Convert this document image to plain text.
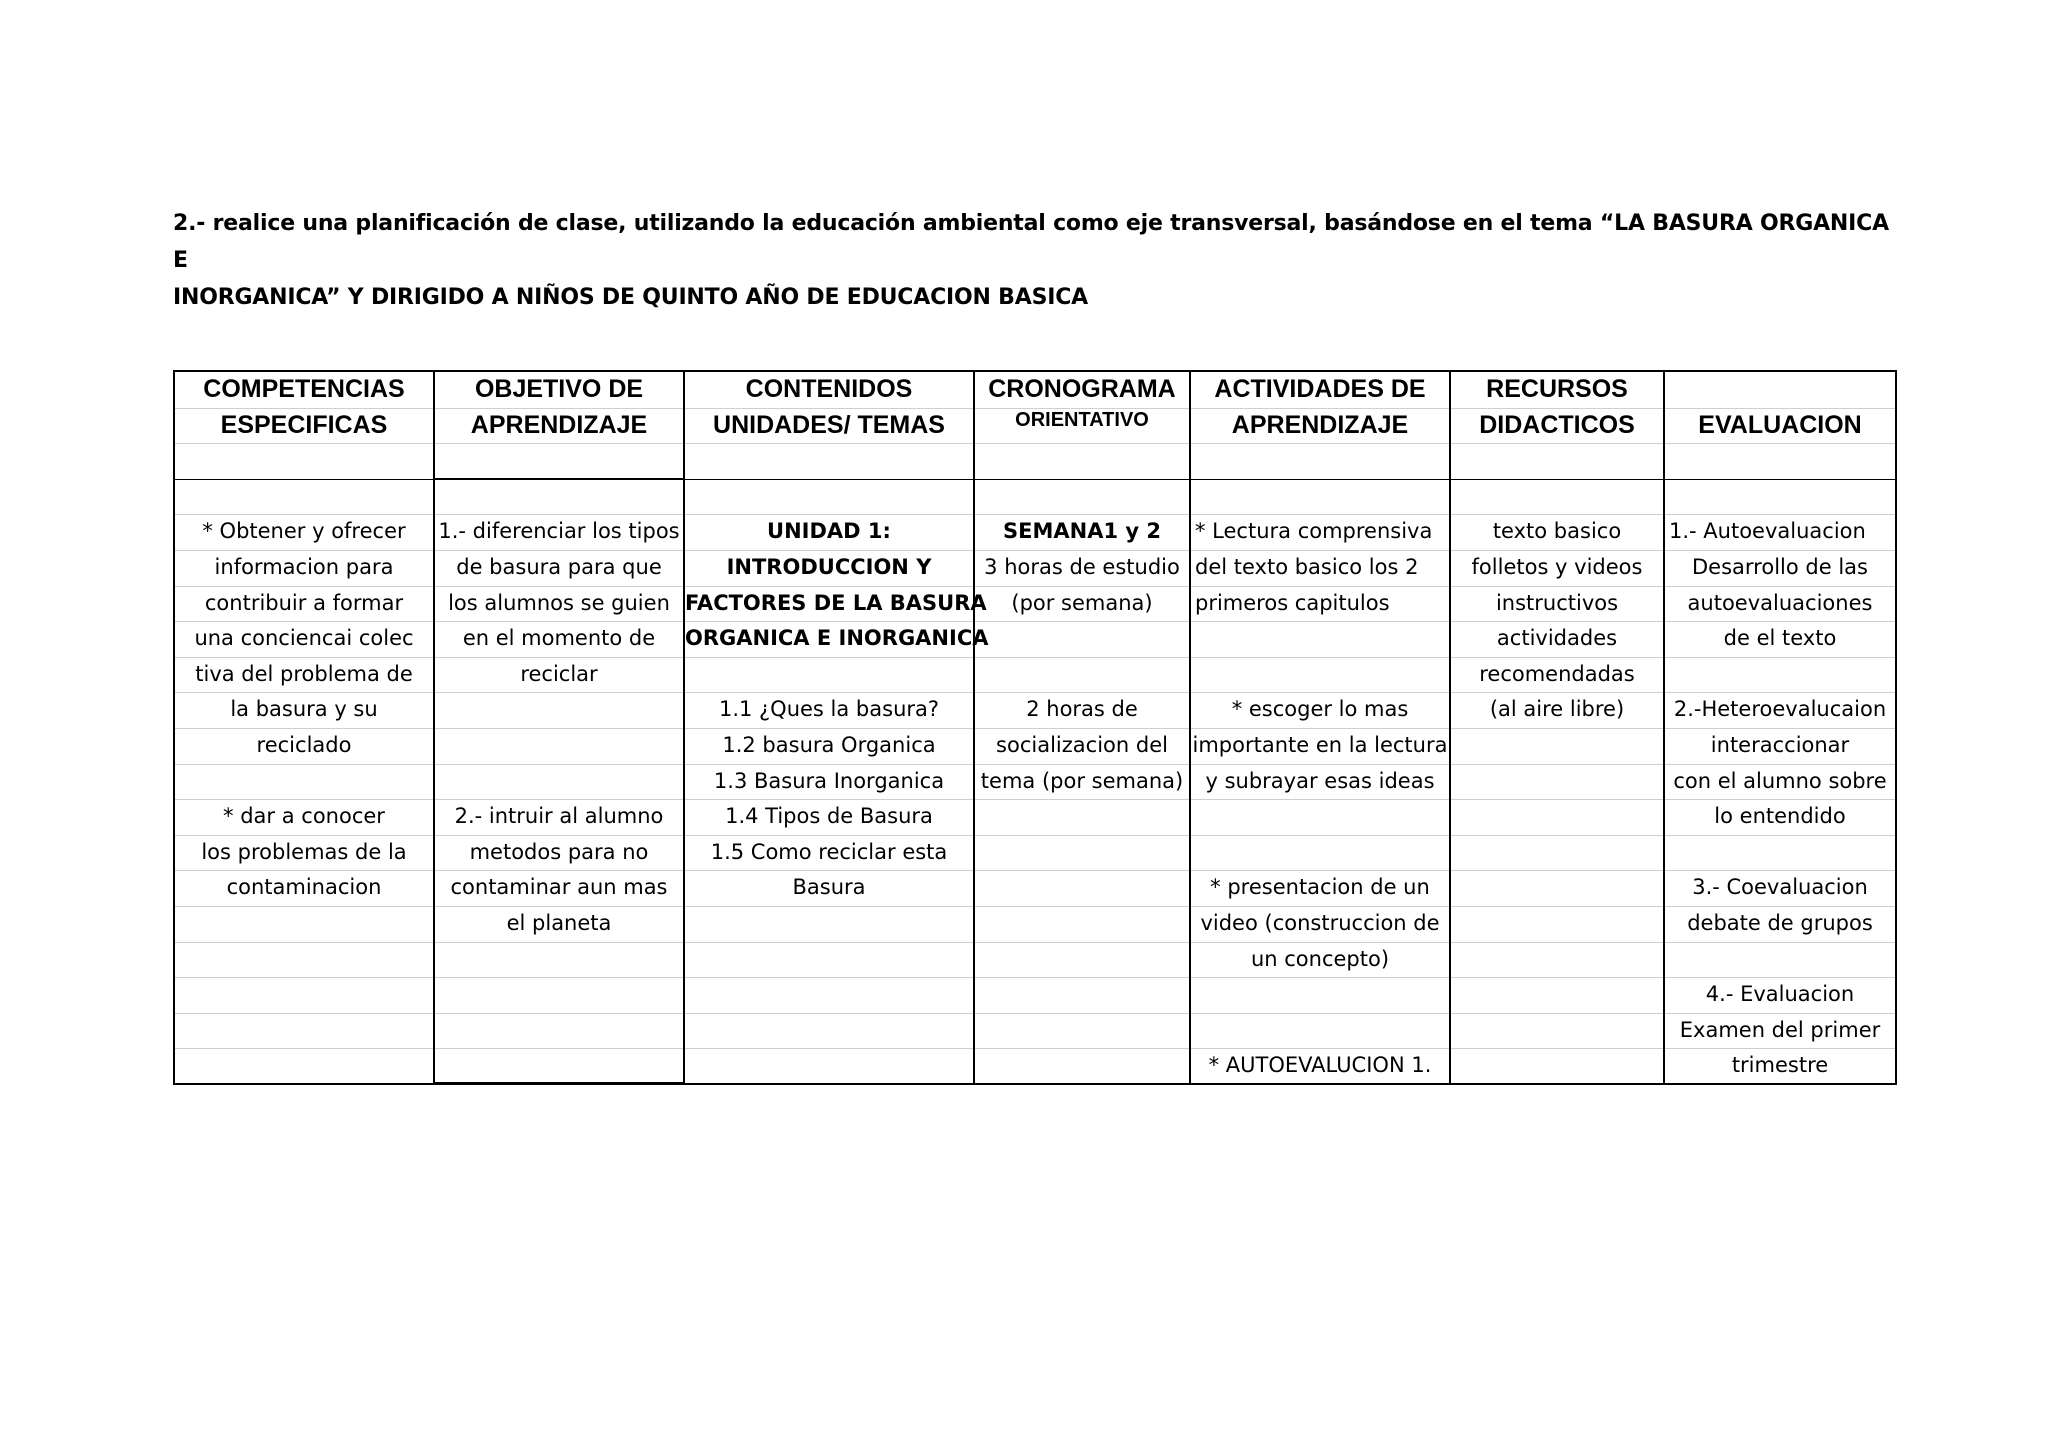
2.- realice una planificación de clase, utilizando la educación ambiental como eje transversal, basándose en el tema “LA BASURA ORGANICA E
INORGANICA” Y DIRIGIDO A NIÑOS DE QUINTO AÑO DE EDUCACION BASICA
COMPETENCIAS
ESPECIFICAS
* Obtener y ofrecer
informacion para
contribuir a formar
una conciencai colec
tiva del problema de
la basura y su
reciclado
* dar a conocer
los problemas de la
contaminacion
OBJETIVO DE
APRENDIZAJE
1.- diferenciar los tipos
de basura para que
los alumnos se guien
en el momento de
reciclar
2.- intruir al alumno
metodos para no
contaminar aun mas
el planeta
CONTENIDOS
UNIDADES/ TEMAS
UNIDAD 1:
INTRODUCCION Y
FACTORES DE LA BASURA
ORGANICA E INORGANICA
1.1 ¿Ques la basura?
1.2 basura Organica
1.3 Basura Inorganica
1.4 Tipos de Basura
1.5 Como reciclar esta
Basura
CRONOGRAMA
ORIENTATIVO
SEMANA1 y 2
3 horas de estudio
(por semana)
2 horas de
socializacion del
tema (por semana)
ACTIVIDADES DE
APRENDIZAJE
* Lectura comprensiva
del texto basico los 2
primeros capitulos
* escoger lo mas
importante en la lectura
y subrayar esas ideas
* presentacion de un
video (construccion de
un concepto)
* AUTOEVALUCION 1.
RECURSOS
DIDACTICOS
texto basico
folletos y videos
instructivos
actividades
recomendadas
(al aire libre)
EVALUACION
1.- Autoevaluacion
Desarrollo de las
autoevaluaciones
de el texto
2.-Heteroevalucaion
interaccionar
con el alumno sobre
lo entendido
3.- Coevaluacion
debate de grupos
4.- Evaluacion
Examen del primer
trimestre
